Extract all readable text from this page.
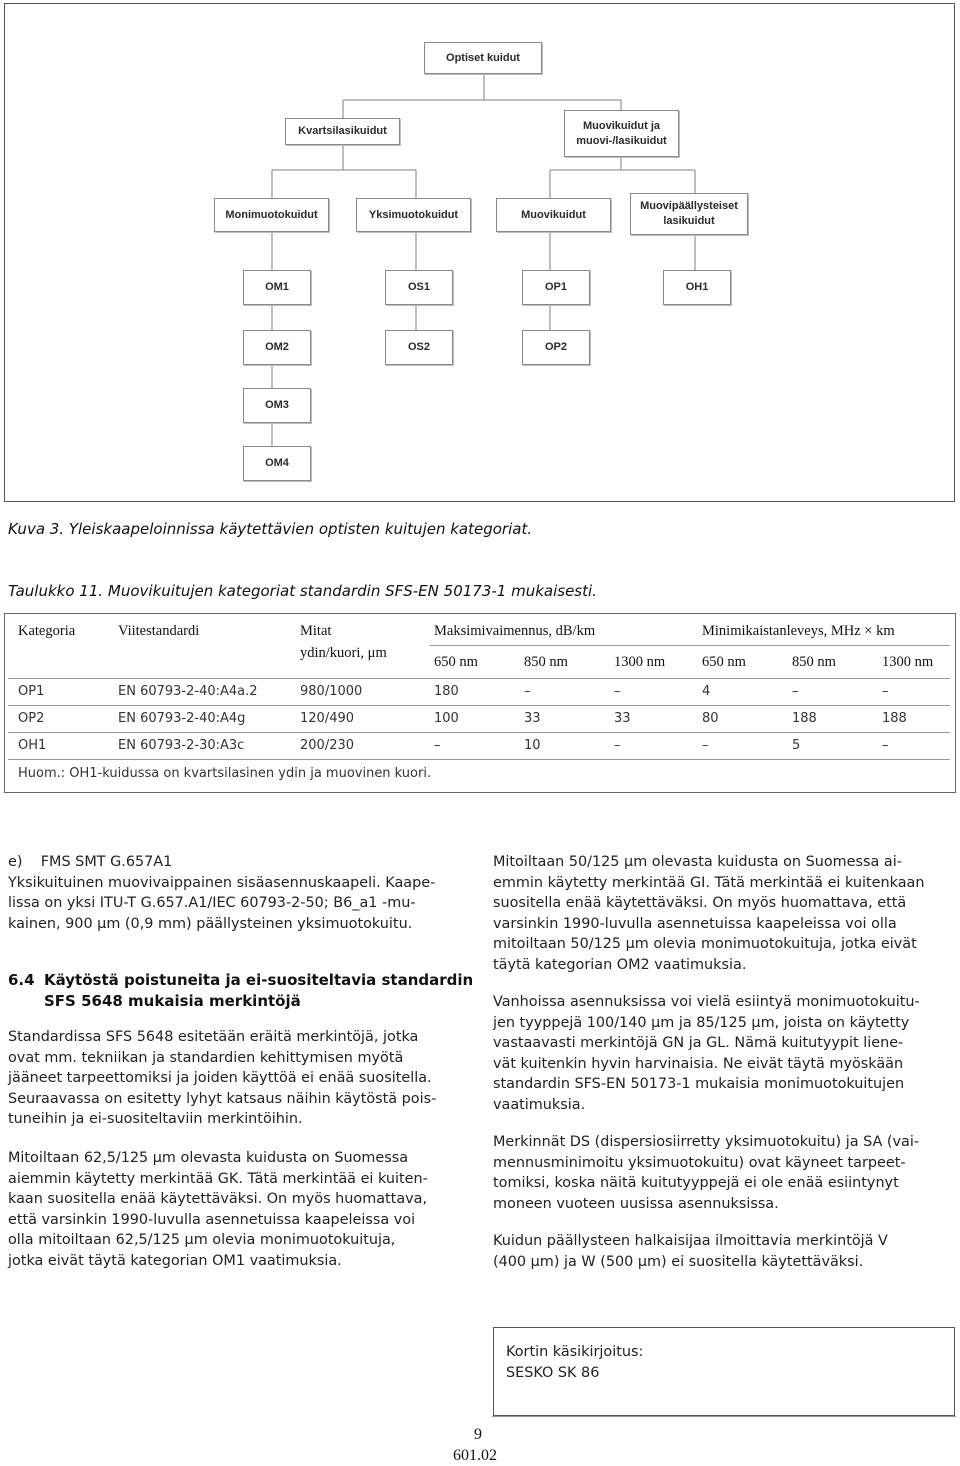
Optiset kuidut
Kvartsilasikuidut	Muovikuidut ja
muovi-/lasikuidut
Monimuotokuidut	Yksimuotokuidut	Muovikuidut
Muovipäällysteiset
lasikuidut
OM1
OM2
OM3
OM4
OS1
OS2
OP1
OP2
OH1
Kuva 3. Yleiskaapeloinnissa käytettävien optisten kuitujen kategoriat.
Taulukko 11. Muovikuitujen kategoriat standardin SFS-EN 50173-1 mukaisesti.
Kategoria	Viitestandardi	Mitat
ydin/kuori, μm
Maksimivaimennus, dB/km	Minimikaistanleveys, MHz × km
650 nm	850 nm	1300 nm	650 nm	850 nm	1300 nm
OP1	EN 60793-2-40:A4a.2	980/1000	180	–	–	4	–	–
OP2	EN 60793-2-40:A4g	120/490	100	33	33	80	188	188
OH1	EN 60793-2-30:A3c	200/230	–	10	–	–	5	–
Huom.: OH1-kuidussa on kvartsilasinen ydin ja muovinen kuori.
e) FMS SMT G.657A1
Yksikuituinen muovivaippainen sisäasennuskaapeli. Kaape-
lissa on yksi ITU-T G.657.A1/IEC 60793-2-50; B6_a1 -mu-
kainen, 900 µm (0,9 mm) päällysteinen yksimuotokuitu.
6.4 Käytöstä poistuneita ja ei-suositeltavia standardin
SFS 5648 mukaisia merkintöjä
Standardissa SFS 5648 esitetään eräitä merkintöjä, jotka
ovat mm. tekniikan ja standardien kehittymisen myötä
jääneet tarpeettomiksi ja joiden käyttöä ei enää suositella.
Seuraavassa on esitetty lyhyt katsaus näihin käytöstä pois-
tuneihin ja ei-suositeltaviin merkintöihin.
Mitoiltaan 62,5/125 µm olevasta kuidusta on Suomessa
aiemmin käytetty merkintää GK. Tätä merkintää ei kuiten-
kaan suositella enää käytettäväksi. On myös huomattava,
että varsinkin 1990-luvulla asennetuissa kaapeleissa voi
olla mitoiltaan 62,5/125 µm olevia monimuotokuituja,
jotka eivät täytä kategorian OM1 vaatimuksia.
Mitoiltaan 50/125 µm olevasta kuidusta on Suomessa ai-
emmin käytetty merkintää GI. Tätä merkintää ei kuitenkaan
suositella enää käytettäväksi. On myös huomattava, että
varsinkin 1990-luvulla asennetuissa kaapeleissa voi olla
mitoiltaan 50/125 µm olevia monimuotokuituja, jotka eivät
täytä kategorian OM2 vaatimuksia.
Vanhoissa asennuksissa voi vielä esiintyä monimuotokuitu-
jen tyyppejä 100/140 µm ja 85/125 µm, joista on käytetty
vastaavasti merkintöjä GN ja GL. Nämä kuitutyypit liene-
vät kuitenkin hyvin harvinaisia. Ne eivät täytä myöskään
standardin SFS-EN 50173-1 mukaisia monimuotokuitujen
vaatimuksia.
Merkinnät DS (dispersiosiirretty yksimuotokuitu) ja SA (vai-
mennusminimoitu yksimuotokuitu) ovat käyneet tarpeet-
tomiksi, koska näitä kuitutyyppejä ei ole enää esiintynyt
moneen vuoteen uusissa asennuksissa.
Kuidun päällysteen halkaisijaa ilmoittavia merkintöjä V
(400 µm) ja W (500 µm) ei suositella käytettäväksi.
Kortin käsikirjoitus:
SESKO SK 86
9
601.02
